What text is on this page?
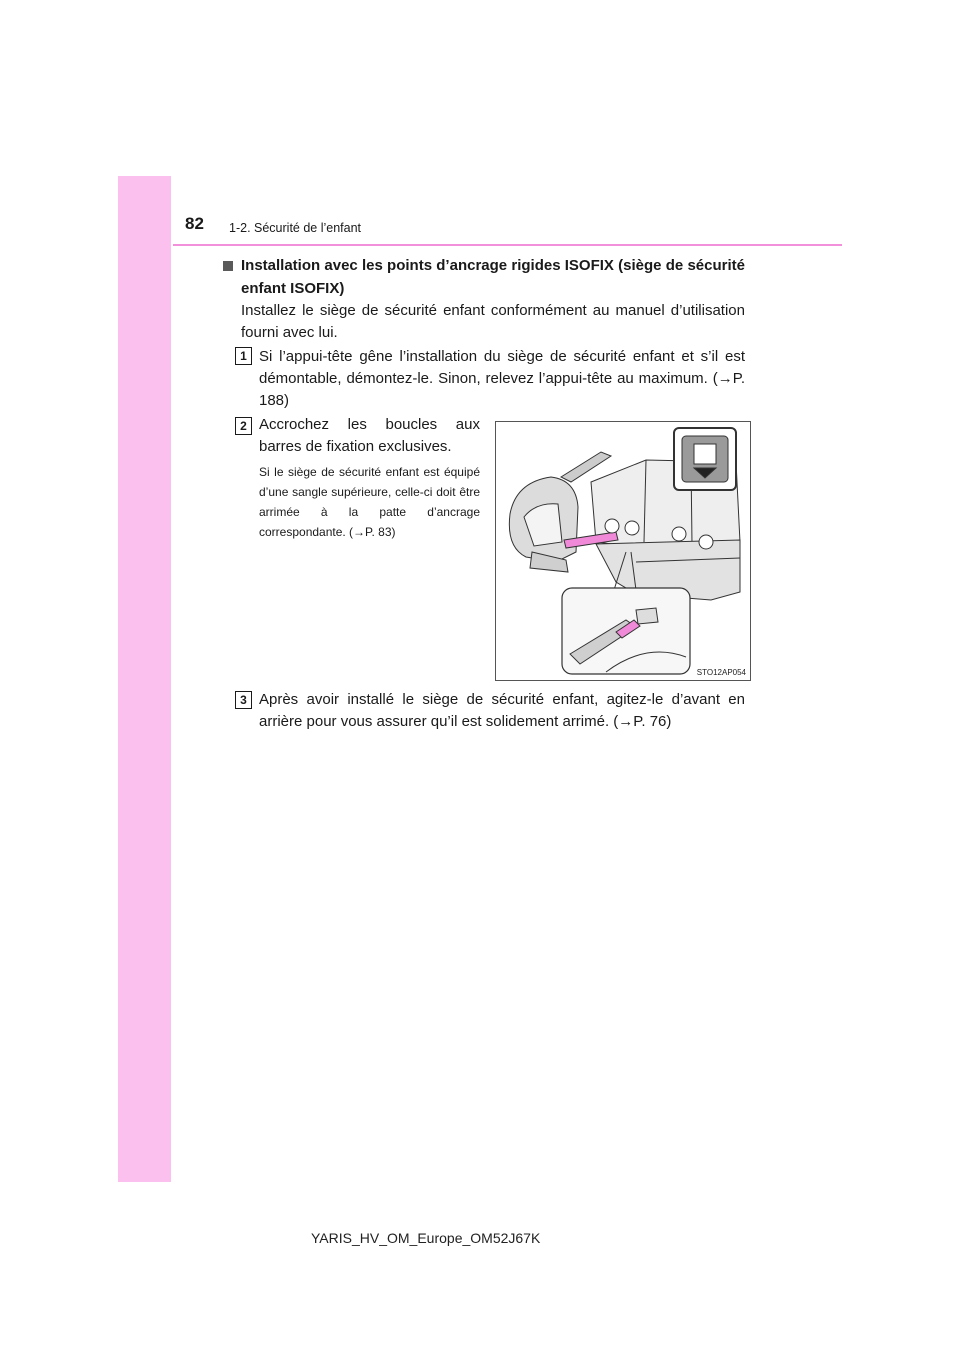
82 1-2. Sécurité de l’enfant
Installation avec les points d’ancrage rigides ISOFIX (siège de sécurité enfant ISOFIX)
Installez le siège de sécurité enfant conformément au manuel d’utilisation fourni avec lui.
1 Si l’appui-tête gêne l’installation du siège de sécurité enfant et s’il est démontable, démontez-le. Sinon, relevez l’appui-tête au maximum. (→P. 188)
2 Accrochez les boucles aux barres de fixation exclusives.
Si le siège de sécurité enfant est équipé d’une sangle supérieure, celle-ci doit être arrimée à la patte d’ancrage correspondante. (→P. 83)
STO12AP054
3 Après avoir installé le siège de sécurité enfant, agitez-le d’avant en arrière pour vous assurer qu’il est solidement arrimé. (→P. 76)
YARIS_HV_OM_Europe_OM52J67K
